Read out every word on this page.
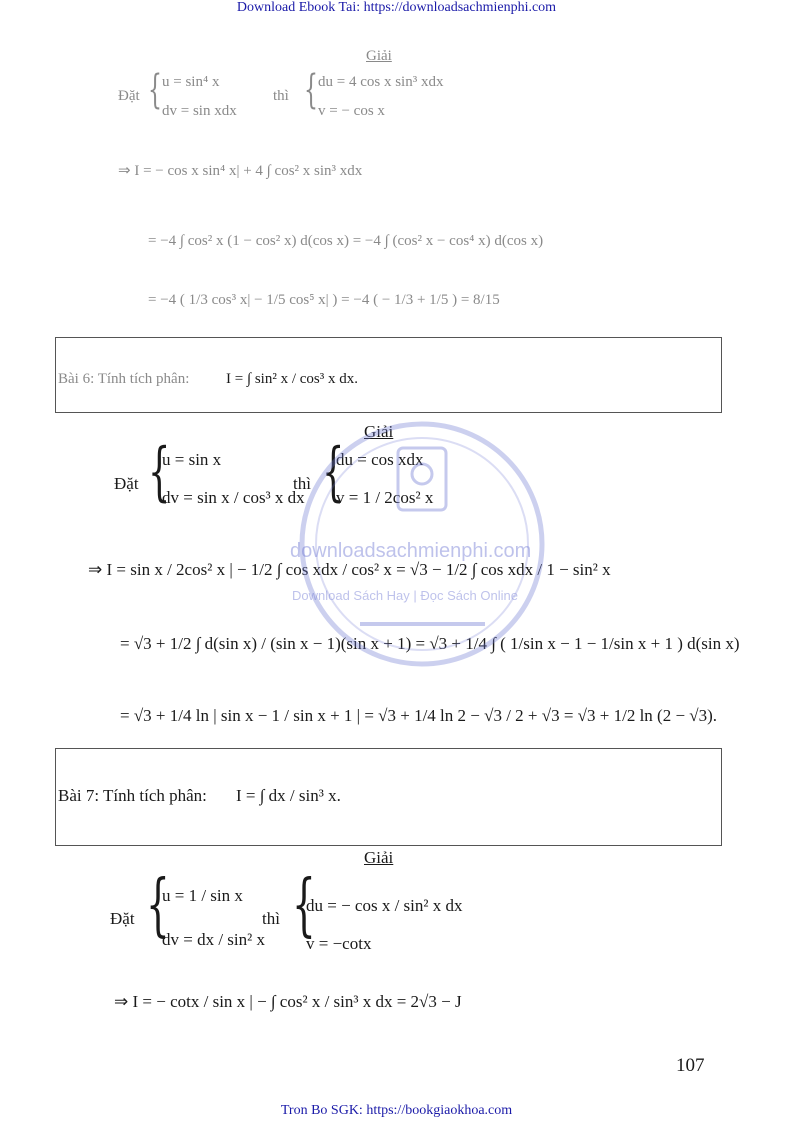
Download Ebook Tai: https://downloadsachmienphi.com
Giải
Đặt { u = sin⁴ x
dv = sin xdx
thì { du = 4 cos x sin³ xdx
v = − cos x
⇒ I = − cos x sin⁴ x| + 4 ∫ cos² x sin³ xdx
= −4 ∫ cos² x (1 − cos² x) d(cos x) = −4 ∫ (cos² x − cos⁴ x) d(cos x)
= −4 ( 1/3 cos³ x| − 1/5 cos⁵ x| ) = −4 ( − 1/3 + 1/5 ) = 8/15
Bài 6: Tính tích phân: I = ∫ sin² x / cos³ x dx.
Giải
Đặt {
u = sin x
dv = sin x / cos³ x dx
thì {
du = cos xdx
v = 1 / 2cos² x
⇒ I = sin x / 2cos² x | − 1/2 ∫ cos xdx / cos² x = √3 − 1/2 ∫ cos xdx / 1 − sin² x
= √3 + 1/2 ∫ d(sin x) / (sin x − 1)(sin x + 1) = √3 + 1/4 ∫ ( 1/sin x − 1 − 1/sin x + 1 ) d(sin x)
= √3 + 1/4 ln | sin x − 1 / sin x + 1 | = √3 + 1/4 ln 2 − √3 / 2 + √3 = √3 + 1/2 ln (2 − √3).
Bài 7: Tính tích phân: I = ∫ dx / sin³ x.
Giải
Đặt {
u = 1 / sin x
dv = dx / sin² x
thì {
du = − cos x / sin² x dx
v = −cotx
⇒ I = − cotx / sin x | − ∫ cos² x / sin³ x dx = 2√3 − J
107
Tron Bo SGK: https://bookgiaokhoa.com
downloadsachmienphi.com
Download Sách Hay | Đọc Sách Online
